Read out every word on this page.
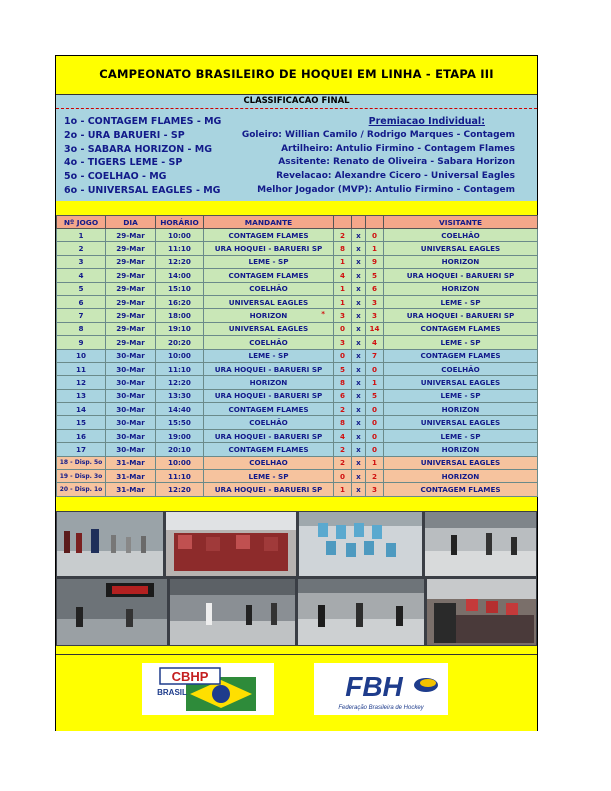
CAMPEONATO BRASILEIRO DE HOQUEI EM LINHA - ETAPA III
CLASSIFICACAO FINAL
1o - CONTAGEM FLAMES - MG
2o - URA BARUERI - SP
3o - SABARA HORIZON - MG
4o - TIGERS LEME - SP
5o - COELHAO - MG
6o - UNIVERSAL EAGLES - MG
Premiacao Individual:
Goleiro: Willian Camilo / Rodrigo Marques - Contagem
Artilheiro: Antulio Firmino - Contagem Flames
Assitente: Renato de Oliveira - Sabara Horizon
Revelacao: Alexandre Cicero - Universal Eagles
Melhor Jogador (MVP): Antulio Firmino - Contagem
Nº JOGO	DIA	HORÁRIO	MANDANTE				VISITANTE
1	29-Mar	10:00	CONTAGEM FLAMES	2	x	0	COELHÃO
2	29-Mar	11:10	URA HOQUEI - BARUERI SP	8	x	1	UNIVERSAL EAGLES
3	29-Mar	12:20	LEME - SP	1	x	9	HORIZON
4	29-Mar	14:00	CONTAGEM FLAMES	4	x	5	URA HOQUEI - BARUERI SP
5	29-Mar	15:10	COELHÃO	1	x	6	HORIZON
6	29-Mar	16:20	UNIVERSAL EAGLES	1	x	3	LEME - SP
7	29-Mar	18:00	HORIZON *	3	x	3	URA HOQUEI - BARUERI SP
8	29-Mar	19:10	UNIVERSAL EAGLES	0	x	14	CONTAGEM FLAMES
9	29-Mar	20:20	COELHÃO	3	x	4	LEME - SP
10	30-Mar	10:00	LEME - SP	0	x	7	CONTAGEM FLAMES
11	30-Mar	11:10	URA HOQUEI - BARUERI SP	5	x	0	COELHÃO
12	30-Mar	12:20	HORIZON	8	x	1	UNIVERSAL EAGLES
13	30-Mar	13:30	URA HOQUEI - BARUERI SP	6	x	5	LEME - SP
14	30-Mar	14:40	CONTAGEM FLAMES	2	x	0	HORIZON
15	30-Mar	15:50	COELHÃO	8	x	0	UNIVERSAL EAGLES
16	30-Mar	19:00	URA HOQUEI - BARUERI SP	4	x	0	LEME - SP
17	30-Mar	20:10	CONTAGEM FLAMES	2	x	0	HORIZON
18 - Disp. 5o	31-Mar	10:00	COELHAO	2	x	1	UNIVERSAL EAGLES
19 - Disp. 3o	31-Mar	11:10	LEME - SP	0	x	2	HORIZON
20 - Disp. 1o	31-Mar	12:20	URA HOQUEI - BARUERI SP	1	x	3	CONTAGEM FLAMES
CBHP
BRASIL	FBH
Federação Brasileira de Hockey
